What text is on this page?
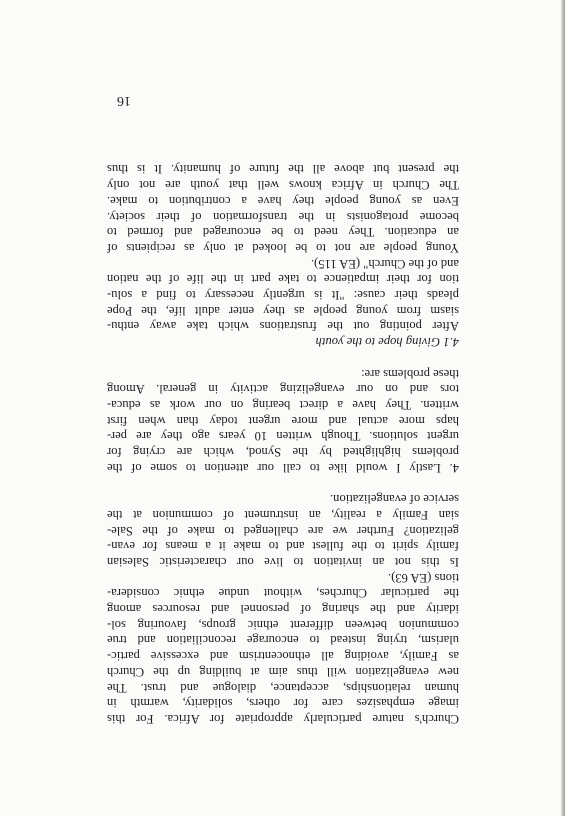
Church's nature particularly appropriate for Africa. For this
image emphasizes care for others, solidarity, warmth in
human relationships, acceptance, dialogue and trust. The
new evangelization will thus aim at building up the Church
as Family, avoiding all ethnocentrism and excessive partic-
ularism, trying instead to encourage reconciliation and true
communion between different ethnic groups, favouring sol-
idarity and the sharing of personnel and resources among
the particular Churches, without undue ethnic considera-
tions (EA 63).
Is this not an invitation to live our characteristic Salesian
family spirit to the fullest and to make it a means for evan-
gelization? Further we are challenged to make of the Sale-
sian Family a reality, an instrument of communion at the
service of evangelization.
4. Lastly I would like to call our attention to some of the
problems highlighted by the Synod, which are crying for
urgent solutions. Though written 10 years ago they are per-
haps more actual and more urgent today than when first
written. They have a direct bearing on our work as educa-
tors and on our evangelizing activity in general. Among
these problems are:
4.1 Giving hope to the youth
After pointing out the frustrations which take away enthu-
siasm from young people as they enter adult life, the Pope
pleads their cause: "It is urgently necessary to find a solu-
tion for their impatience to take part in the life of the nation
and of the Church" (EA 115).
Young people are not to be looked at only as recipients of
an education. They need to be encouraged and formed to
become protagonists in the transformation of their society.
Even as young people they have a contribution to make.
The Church in Africa knows well that youth are not only
the present but above all the future of humanity. It is thus
16
